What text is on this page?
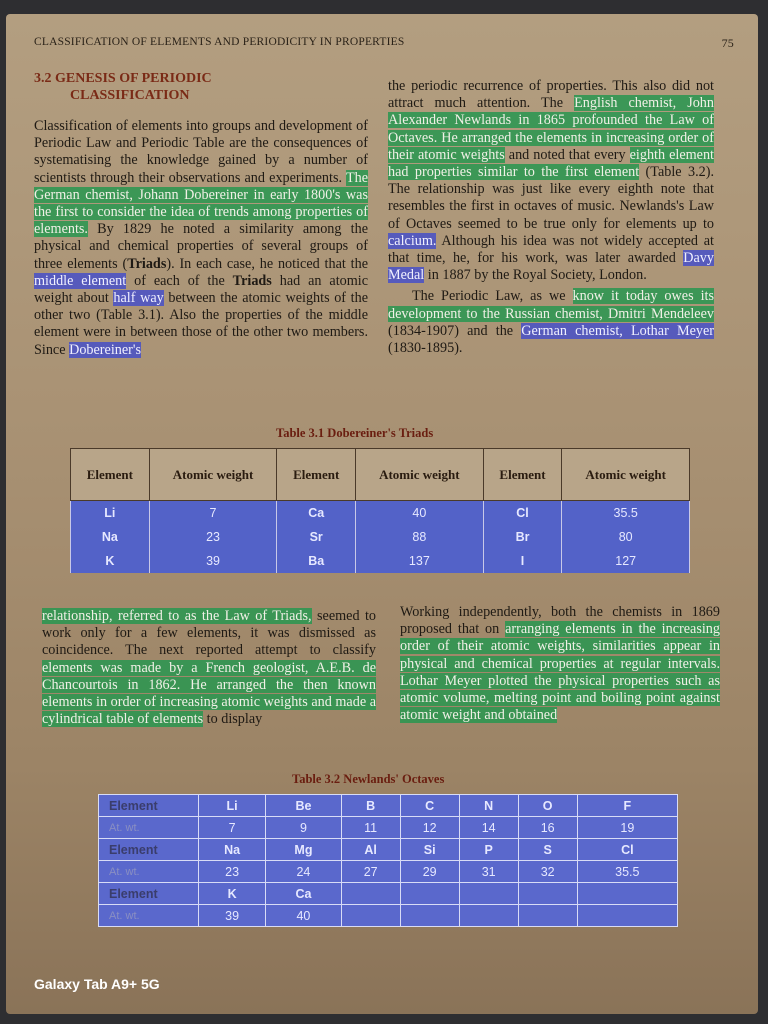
CLASSIFICATION OF ELEMENTS AND PERIODICITY IN PROPERTIES	75
3.2 GENESIS OF PERIODIC
CLASSIFICATION
Classification of elements into groups and development of Periodic Law and Periodic Table are the consequences of systematising the knowledge gained by a number of scientists through their observations and experiments. The German chemist, Johann Dobereiner in early 1800's was the first to consider the idea of trends among properties of elements. By 1829 he noted a similarity among the physical and chemical properties of several groups of three elements (Triads). In each case, he noticed that the middle element of each of the Triads had an atomic weight about half way between the atomic weights of the other two (Table 3.1). Also the properties of the middle element were in between those of the other two members. Since Dobereiner's
the periodic recurrence of properties. This also did not attract much attention. The English chemist, John Alexander Newlands in 1865 profounded the Law of Octaves. He arranged the elements in increasing order of their atomic weights and noted that every eighth element had properties similar to the first element (Table 3.2). The relationship was just like every eighth note that resembles the first in octaves of music. Newlands's Law of Octaves seemed to be true only for elements up to calcium. Although his idea was not widely accepted at that time, he, for his work, was later awarded Davy Medal in 1887 by the Royal Society, London.
The Periodic Law, as we know it today owes its development to the Russian chemist, Dmitri Mendeleev (1834-1907) and the German chemist, Lothar Meyer (1830-1895).
Table 3.1 Dobereiner's Triads
Element	Atomic weight	Element	Atomic weight	Element	Atomic weight
Li	7	Ca	40	Cl	35.5
Na	23	Sr	88	Br	80
K	39	Ba	137	I	127
relationship, referred to as the Law of Triads, seemed to work only for a few elements, it was dismissed as coincidence. The next reported attempt to classify elements was made by a French geologist, A.E.B. de Chancourtois in 1862. He arranged the then known elements in order of increasing atomic weights and made a cylindrical table of elements to display
Working independently, both the chemists in 1869 proposed that on arranging elements in the increasing order of their atomic weights, similarities appear in physical and chemical properties at regular intervals. Lothar Meyer plotted the physical properties such as atomic volume, melting point and boiling point against atomic weight and obtained
Table 3.2 Newlands' Octaves
Element	Li	Be	B	C	N	O	F
At. wt.	7	9	11	12	14	16	19
Element	Na	Mg	Al	Si	P	S	Cl
At. wt.	23	24	27	29	31	32	35.5
Element	K	Ca					
At. wt.	39	40					
Galaxy Tab A9+ 5G
